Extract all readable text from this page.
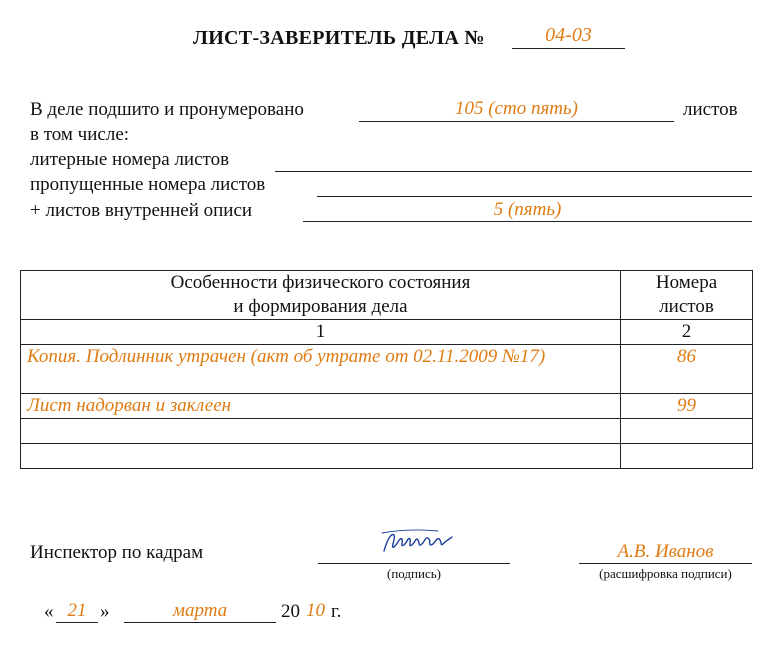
ЛИСТ-ЗАВЕРИТЕЛЬ ДЕЛА №	04-03
В деле подшито и пронумеровано	105 (сто пять)	листов
в том числе:
литерные номера листов
пропущенные номера листов
+ листов внутренней описи	5 (пять)
Особенности физического состояния
и формирования дела	Номера
листов
1	2
Копия. Подлинник утрачен (акт об утрате от 02.11.2009 №17)	86
Лист надорван и заклеен	99

Инспектор по кадрам
(подпись)
А.В. Иванов
(расшифровка подписи)
« 21 »	марта	20 10 г.
